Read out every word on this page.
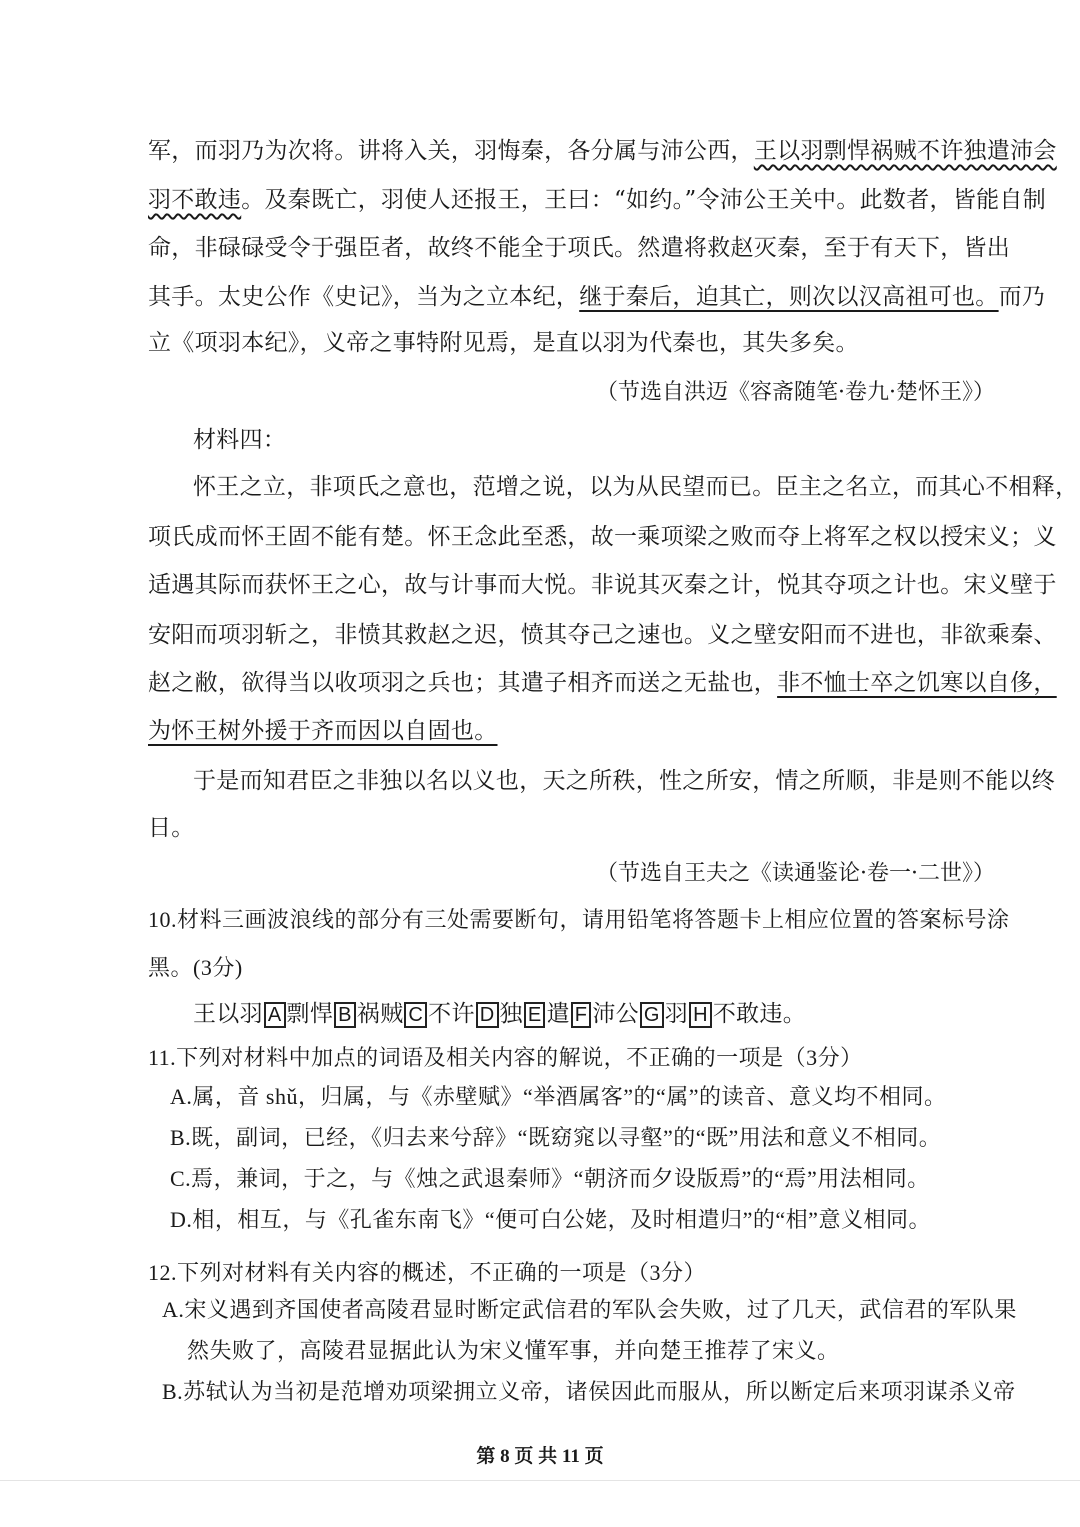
军，而羽乃为次将。讲将入关，羽悔秦，各分属与沛公西，王以羽剽悍祸贼不许独遣沛会
羽不敢违。及秦既亡，羽使人还报王，王曰：“如约。”令沛公王关中。此数者，皆能自制
命，非碌碌受令于强臣者，故终不能全于项氏。然遣将救赵灭秦，至于有天下，皆出
其手。太史公作《史记》，当为之立本纪，继于秦后，迫其亡，则次以汉高祖可也。而乃
立《项羽本纪》，义帝之事特附见焉，是直以羽为代秦也，其失多矣。
（节选自洪迈《容斋随笔·卷九·楚怀王》）
材料四：
怀王之立，非项氏之意也，范增之说，以为从民望而已。臣主之名立，而其心不相释，
项氏成而怀王固不能有楚。怀王念此至悉，故一乘项梁之败而夺上将军之权以授宋义；义
适遇其际而获怀王之心，故与计事而大悦。非说其灭秦之计，悦其夺项之计也。宋义壁于
安阳而项羽斩之，非愤其救赵之迟，愤其夺己之速也。义之壁安阳而不进也，非欲乘秦、
赵之敝，欲得当以收项羽之兵也；其遣子相齐而送之无盐也，非不恤士卒之饥寒以自侈，
为怀王树外援于齐而因以自固也。
于是而知君臣之非独以名以义也，天之所秩，性之所安，情之所顺，非是则不能以终
日。
（节选自王夫之《读通鉴论·卷一·二世》）
10.材料三画波浪线的部分有三处需要断句，请用铅笔将答题卡上相应位置的答案标号涂
黑。(3分)
王以羽 A 剽悍 B 祸贼 C 不许 D 独 E 遣 F 沛公 G 羽 H 不敢违。
11.下列对材料中加点的词语及相关内容的解说，不正确的一项是（3分）
A.属，音 shǔ，归属，与《赤壁赋》“举酒属客”的“属”的读音、意义均不相同。
B.既，副词，已经，《归去来兮辞》“既窈窕以寻壑”的“既”用法和意义不相同。
C.焉，兼词，于之，与《烛之武退秦师》“朝济而夕设版焉”的“焉”用法相同。
D.相，相互，与《孔雀东南飞》“便可白公姥，及时相遣归”的“相”意义相同。
12.下列对材料有关内容的概述，不正确的一项是（3分）
A.宋义遇到齐国使者高陵君显时断定武信君的军队会失败，过了几天，武信君的军队果
然失败了，高陵君显据此认为宋义懂军事，并向楚王推荐了宋义。
B.苏轼认为当初是范增劝项梁拥立义帝，诸侯因此而服从，所以断定后来项羽谋杀义帝
第 8 页 共 11 页
